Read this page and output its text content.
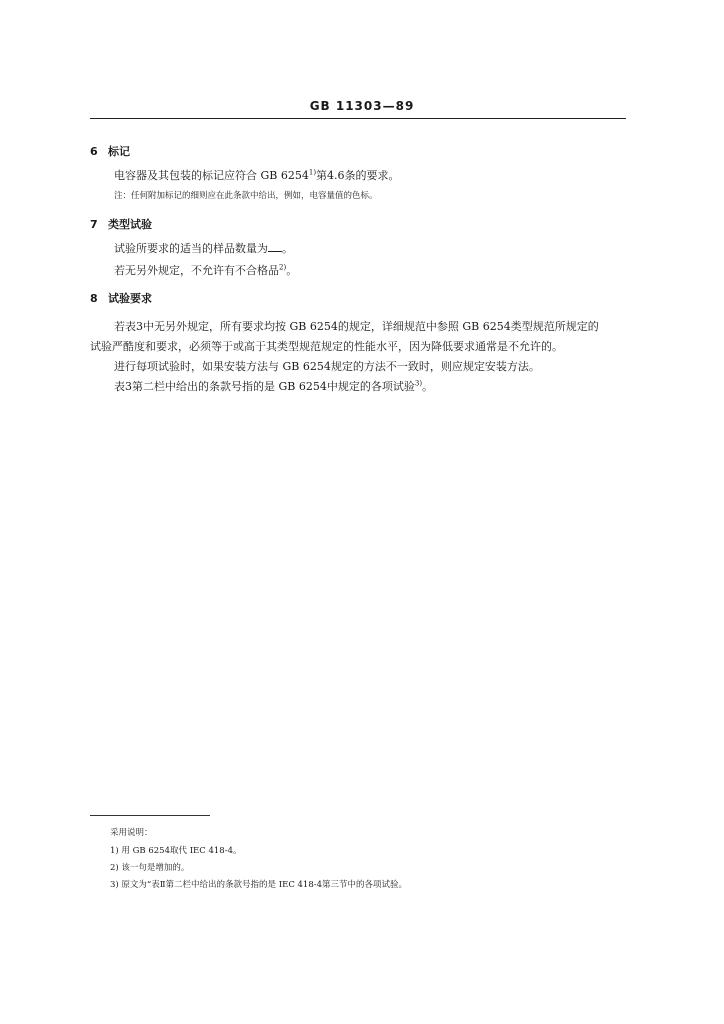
GB 11303—89
6 标记
电容器及其包装的标记应符合 GB 6254$^{1)}$第4.6条的要求。
注：任何附加标记的细则应在此条款中给出，例如，电容量值的色标。
7 类型试验
试验所要求的适当的样品数量为 。
若无另外规定，不允许有不合格品$^{2)}$。
8 试验要求
若表3中无另外规定，所有要求均按 GB 6254的规定，详细规范中参照 GB 6254类型规范所规定的
试验严酷度和要求，必须等于或高于其类型规范规定的性能水平，因为降低要求通常是不允许的。
进行每项试验时，如果安装方法与 GB 6254规定的方法不一致时，则应规定安装方法。
表3第二栏中给出的条款号指的是 GB 6254中规定的各项试验$^{3)}$。
采用说明：
1) 用 GB 6254取代 IEC 418-4。
2) 该一句是增加的。
3) 原文为“表Ⅱ第二栏中给出的条款号指的是 IEC 418-4第三节中的各项试验。
